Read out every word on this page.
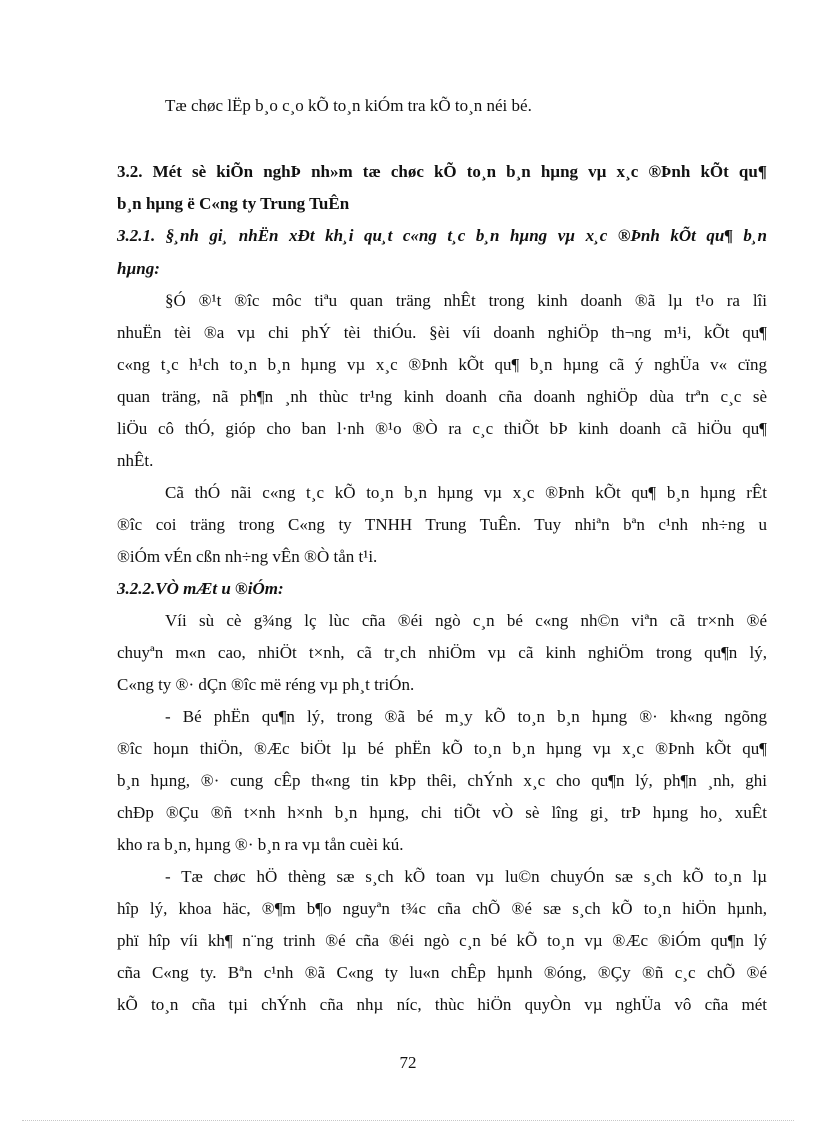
Tæ chøc lËp b¸o c¸o kÕ to¸n kiÓm tra kÕ to¸n néi bé.
3.2. Mét sè kiÕn nghÞ nh»m tæ chøc kÕ to¸n b¸n hµng vµ x¸c ®Þnh kÕt qu¶
b¸n hµng ë C«ng ty Trung TuÊn
3.2.1. §¸nh gi¸ nhËn xÐt kh¸i qu¸t c«ng t¸c b¸n hµng vµ x¸c ®Þnh kÕt qu¶ b¸n
hµng:
§Ó ®¹t ®îc môc tiªu quan träng nhÊt trong kinh doanh ®ã lµ t¹o ra lîi
nhuËn tèi ®a vµ chi phÝ tèi thiÓu. §èi víi doanh nghiÖp th¬ng m¹i, kÕt qu¶
c«ng t¸c h¹ch to¸n b¸n hµng vµ x¸c ®Þnh kÕt qu¶ b¸n hµng cã ý nghÜa v« cïng
quan träng, nã ph¶n ¸nh thùc tr¹ng kinh doanh cña doanh nghiÖp dùa trªn c¸c sè
liÖu cô thÓ, gióp cho ban l·nh ®¹o ®Ò ra c¸c thiÕt bÞ kinh doanh cã hiÖu qu¶
nhÊt.
Cã thÓ nãi c«ng t¸c kÕ to¸n b¸n hµng vµ x¸c ®Þnh kÕt qu¶ b¸n hµng rÊt
®îc coi träng trong C«ng ty TNHH Trung TuÊn. Tuy nhiªn bªn c¹nh nh÷ng u
®iÓm vÉn cßn nh÷ng vÊn ®Ò tån t¹i.
3.2.2.VÒ mÆt u ®iÓm:
Víi sù cè g¾ng lç lùc cña ®éi ngò c¸n bé c«ng nh©n viªn cã tr×nh ®é
chuyªn m«n cao, nhiÖt t×nh, cã tr¸ch nhiÖm vµ cã kinh nghiÖm trong qu¶n lý,
C«ng ty ®· dÇn ®îc më réng vµ ph¸t triÓn.
- Bé phËn qu¶n lý, trong ®ã bé m¸y kÕ to¸n b¸n hµng ®· kh«ng ngõng
®îc hoµn thiÖn, ®Æc biÖt lµ bé phËn kÕ to¸n b¸n hµng vµ x¸c ®Þnh kÕt qu¶
b¸n hµng, ®· cung cÊp th«ng tin kÞp thêi, chÝnh x¸c cho qu¶n lý, ph¶n ¸nh, ghi
chÐp ®Çu ®ñ t×nh h×nh b¸n hµng, chi tiÕt vÒ sè lîng gi¸ trÞ hµng ho¸ xuÊt
kho ra b¸n, hµng ®· b¸n ra vµ tån cuèi kú.
- Tæ chøc hÖ thèng sæ s¸ch kÕ toan vµ lu©n chuyÓn sæ s¸ch kÕ to¸n lµ
hîp lý, khoa häc, ®¶m b¶o nguyªn t¾c cña chÕ ®é sæ s¸ch kÕ to¸n hiÖn hµnh,
phï hîp víi kh¶ n¨ng trinh ®é cña ®éi ngò c¸n bé kÕ to¸n vµ ®Æc ®iÓm qu¶n lý
cña C«ng ty. Bªn c¹nh ®ã C«ng ty lu«n chÊp hµnh ®óng, ®Çy ®ñ c¸c chÕ ®é
kÕ to¸n cña tµi chÝnh cña nhµ níc, thùc hiÖn quyÒn vµ nghÜa vô cña mét
72
